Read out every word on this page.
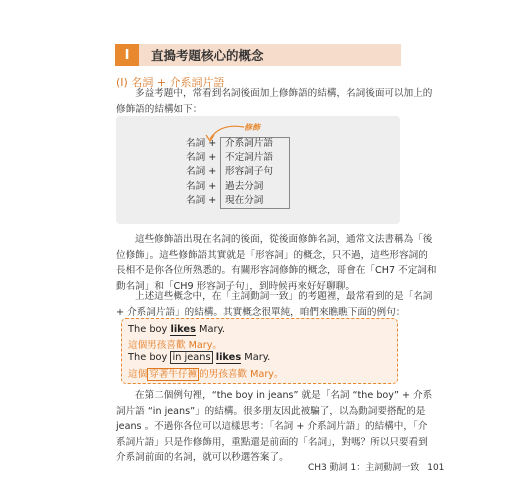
I	直搗考題核心的概念
(I) 名詞 + 介系詞片語
多益考題中，常看到名詞後面加上修飾語的結構，名詞後面可以加上的
修飾語的結構如下：
修飾
名詞 +
名詞 +
名詞 +
名詞 +
名詞 +
介系詞片語
不定詞片語
形容詞子句
過去分詞
現在分詞
這些修飾語出現在名詞的後面，從後面修飾名詞，通常文法書稱為「後
位修飾」。這些修飾語其實就是「形容詞」的概念，只不過，這些形容詞的
長相不是你各位所熟悉的。有關形容詞修飾的概念，哥會在「CH7 不定詞和
動名詞」和「CH9 形容詞子句」，到時候再來好好聊聊。
上述這些概念中，在「主詞動詞一致」的考題裡，最常看到的是「名詞
+ 介系詞片語」的結構。其實概念很單純，咱們來瞧瞧下面的例句：
The boy likes Mary.
這個男孩喜歡 Mary。
The boy in jeans likes Mary.
這個 穿著牛仔褲 的男孩喜歡 Mary。
在第二個例句裡，“the boy in jeans” 就是「名詞 “the boy” + 介系
詞片語 “in jeans”」的結構。很多朋友因此被騙了，以為動詞要搭配的是
jeans 。不過你各位可以這樣思考：「名詞 + 介系詞片語」的結構中，「介
系詞片語」只是作修飾用，重點還是前面的「名詞」，對嗎？所以只要看到
介系詞前面的名詞，就可以秒選答案了。
CH3 動詞 1：主詞動詞一致 101
